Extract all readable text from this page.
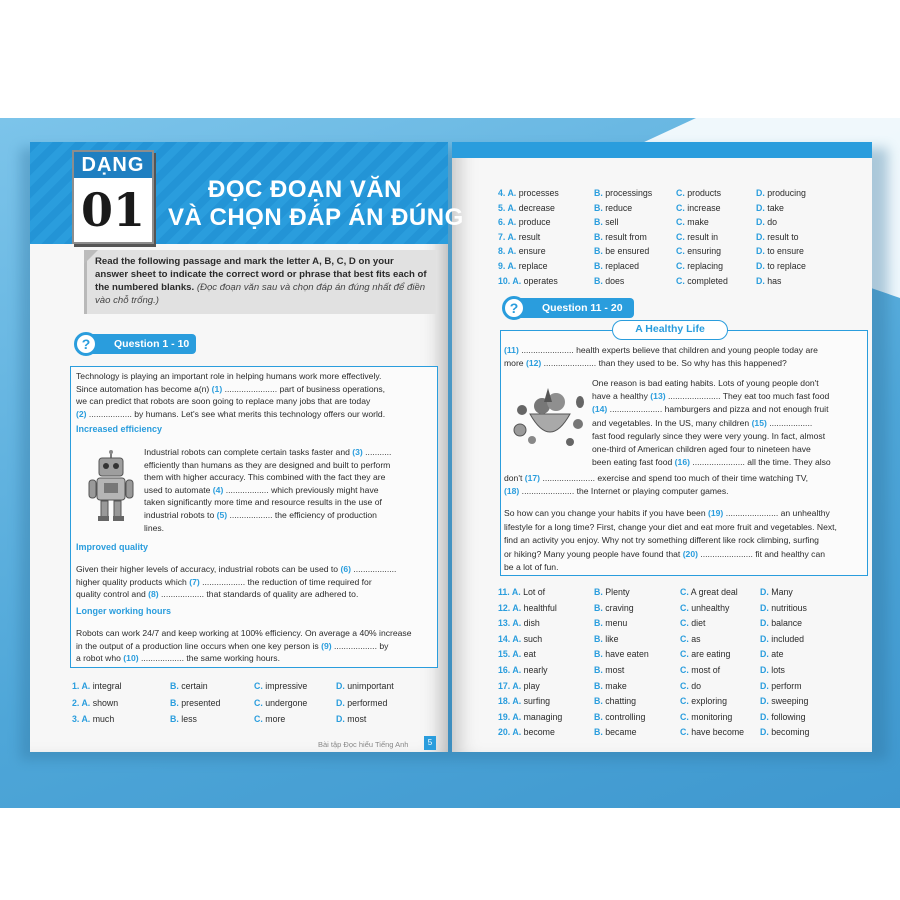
DẠNG
01	ĐỌC ĐOẠN VĂN
VÀ CHỌN ĐÁP ÁN ĐÚNG
Read the following passage and mark the letter A, B, C, D on your answer sheet to indicate the correct word or phrase that best fits each of the numbered blanks. (Đọc đoạn văn sau và chọn đáp án đúng nhất để điền vào chỗ trống.)
Question 1 - 10
?
Technology is playing an important role in helping humans work more effectively.
Since automation has become a(n) (1) ...................... part of business operations,
we can predict that robots are soon going to replace many jobs that are today
(2) .................. by humans. Let's see what merits this technology offers our world.
Increased efficiency
Industrial robots can complete certain tasks faster and (3) ...........
efficiently than humans as they are designed and built to perform
them with higher accuracy. This combined with the fact they are
used to automate (4) .................. which previously might have
taken significantly more time and resource results in the use of
industrial robots to (5) .................. the efficiency of production
lines.
Improved quality
Given their higher levels of accuracy, industrial robots can be used to (6) ..................
higher quality products which (7) .................. the reduction of time required for
quality control and (8) .................. that standards of quality are adhered to.
Longer working hours
Robots can work 24/7 and keep working at 100% efficiency. On average a 40% increase
in the output of a production line occurs when one key person is (9) .................. by
a robot who (10) .................. the same working hours.
1. A. integral	B. certain	C. impressive	D. unimportant
2. A. shown	B. presented	C. undergone	D. performed
3. A. much	B. less	C. more	D. most
Bài tập Đọc hiểu Tiếng Anh	5
4. A. processes	B. processings	C. products	D. producing
5. A. decrease	B. reduce	C. increase	D. take
6. A. produce	B. sell	C. make	D. do
7. A. result	B. result from	C. result in	D. result to
8. A. ensure	B. be ensured	C. ensuring	D. to ensure
9. A. replace	B. replaced	C. replacing	D. to replace
10. A. operates	B. does	C. completed	D. has
Question 11 - 20
?
A Healthy Life
(11) ...................... health experts believe that children and young people today are
more (12) ...................... than they used to be. So why has this happened?
One reason is bad eating habits. Lots of young people don't
have a healthy (13) ...................... They eat too much fast food
(14) ...................... hamburgers and pizza and not enough fruit
and vegetables. In the US, many children (15) ..................
fast food regularly since they were very young. In fact, almost
one-third of American children aged four to nineteen have
been eating fast food (16) ...................... all the time. They also
don't (17) ...................... exercise and spend too much of their time watching TV,
(18) ...................... the Internet or playing computer games.
So how can you change your habits if you have been (19) ...................... an unhealthy
lifestyle for a long time? First, change your diet and eat more fruit and vegetables. Next,
find an activity you enjoy. Why not try something different like rock climbing, surfing
or hiking? Many young people have found that (20) ...................... fit and healthy can
be a lot of fun.
11. A. Lot of	B. Plenty	C. A great deal	D. Many
12. A. healthful	B. craving	C. unhealthy	D. nutritious
13. A. dish	B. menu	C. diet	D. balance
14. A. such	B. like	C. as	D. included
15. A. eat	B. have eaten	C. are eating	D. ate
16. A. nearly	B. most	C. most of	D. lots
17. A. play	B. make	C. do	D. perform
18. A. surfing	B. chatting	C. exploring	D. sweeping
19. A. managing	B. controlling	C. monitoring	D. following
20. A. become	B. became	C. have become D. becoming
